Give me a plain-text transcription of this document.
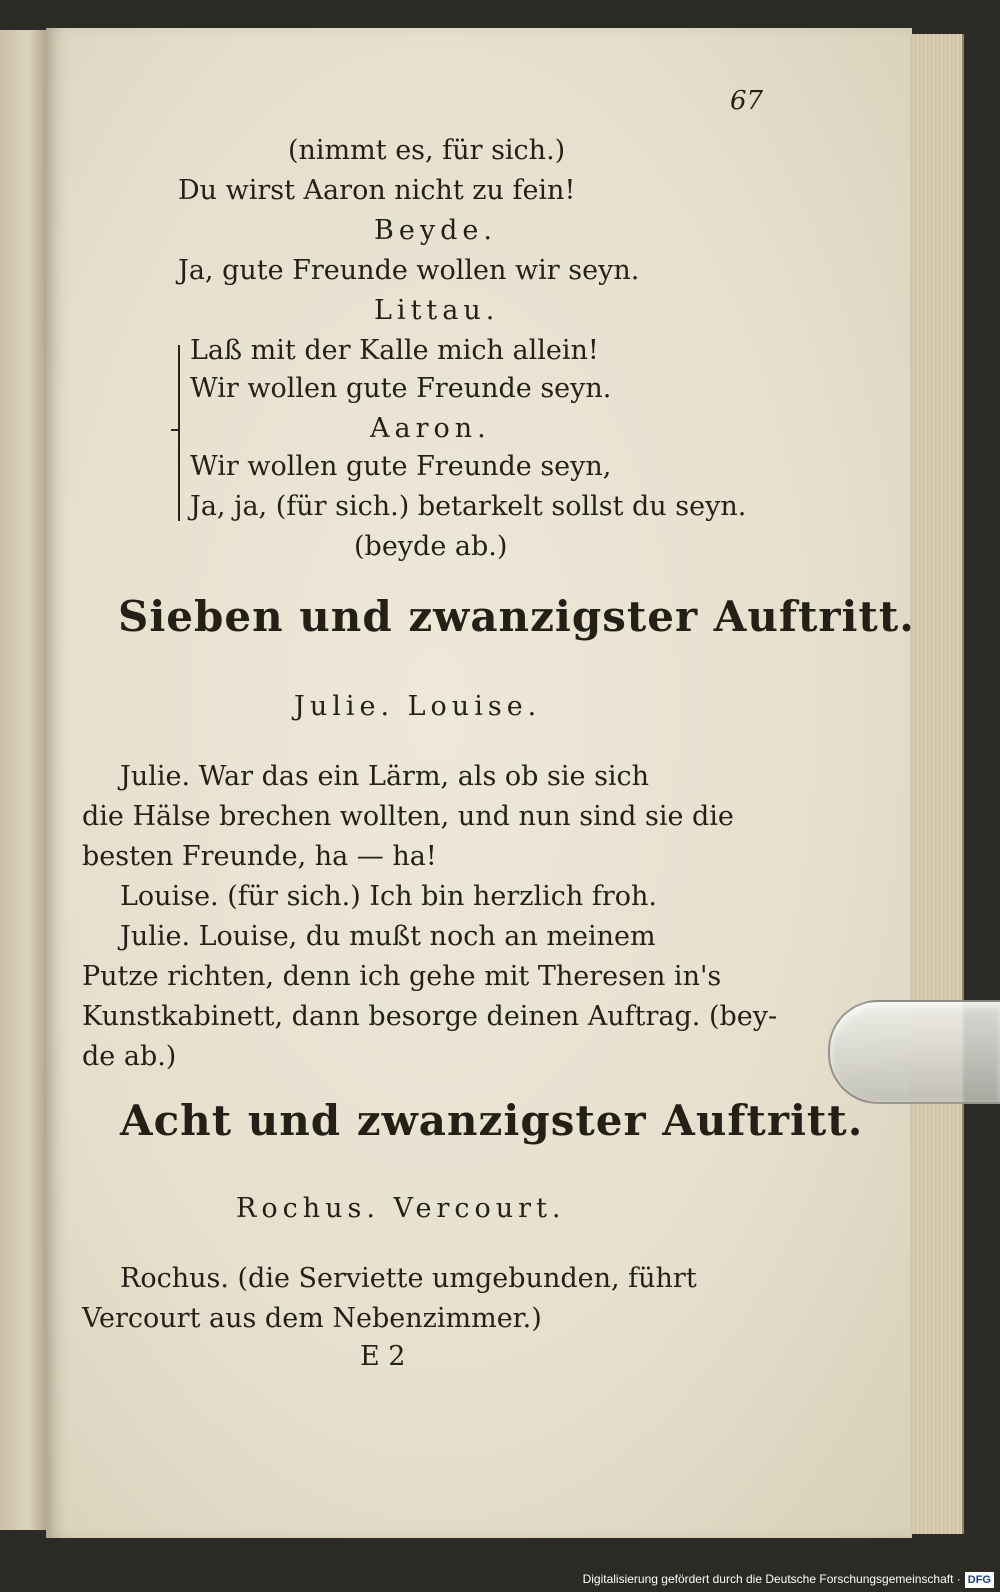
67
(nimmt es, für sich.)
Du wirst Aaron nicht zu fein!
Beyde.
Ja, gute Freunde wollen wir seyn.
Littau.
Laß mit der Kalle mich allein!
Wir wollen gute Freunde seyn.
Aaron.
Wir wollen gute Freunde seyn,
Ja, ja, (für sich.) betarkelt sollst du seyn.
(beyde ab.)
Sieben und zwanzigster Auftritt.
Julie. Louise.
Julie. War das ein Lärm, als ob sie sich
die Hälse brechen wollten, und nun sind sie die
besten Freunde, ha — ha!
Louise. (für sich.) Ich bin herzlich froh.
Julie. Louise, du mußt noch an meinem
Putze richten, denn ich gehe mit Theresen in's
Kunstkabinett, dann besorge deinen Auftrag. (bey-
de ab.)
Acht und zwanzigster Auftritt.
Rochus. Vercourt.
Rochus. (die Serviette umgebunden, führt
Vercourt aus dem Nebenzimmer.)
E 2
Digitalisierung gefördert durch die Deutsche Forschungsgemeinschaft · DFG
